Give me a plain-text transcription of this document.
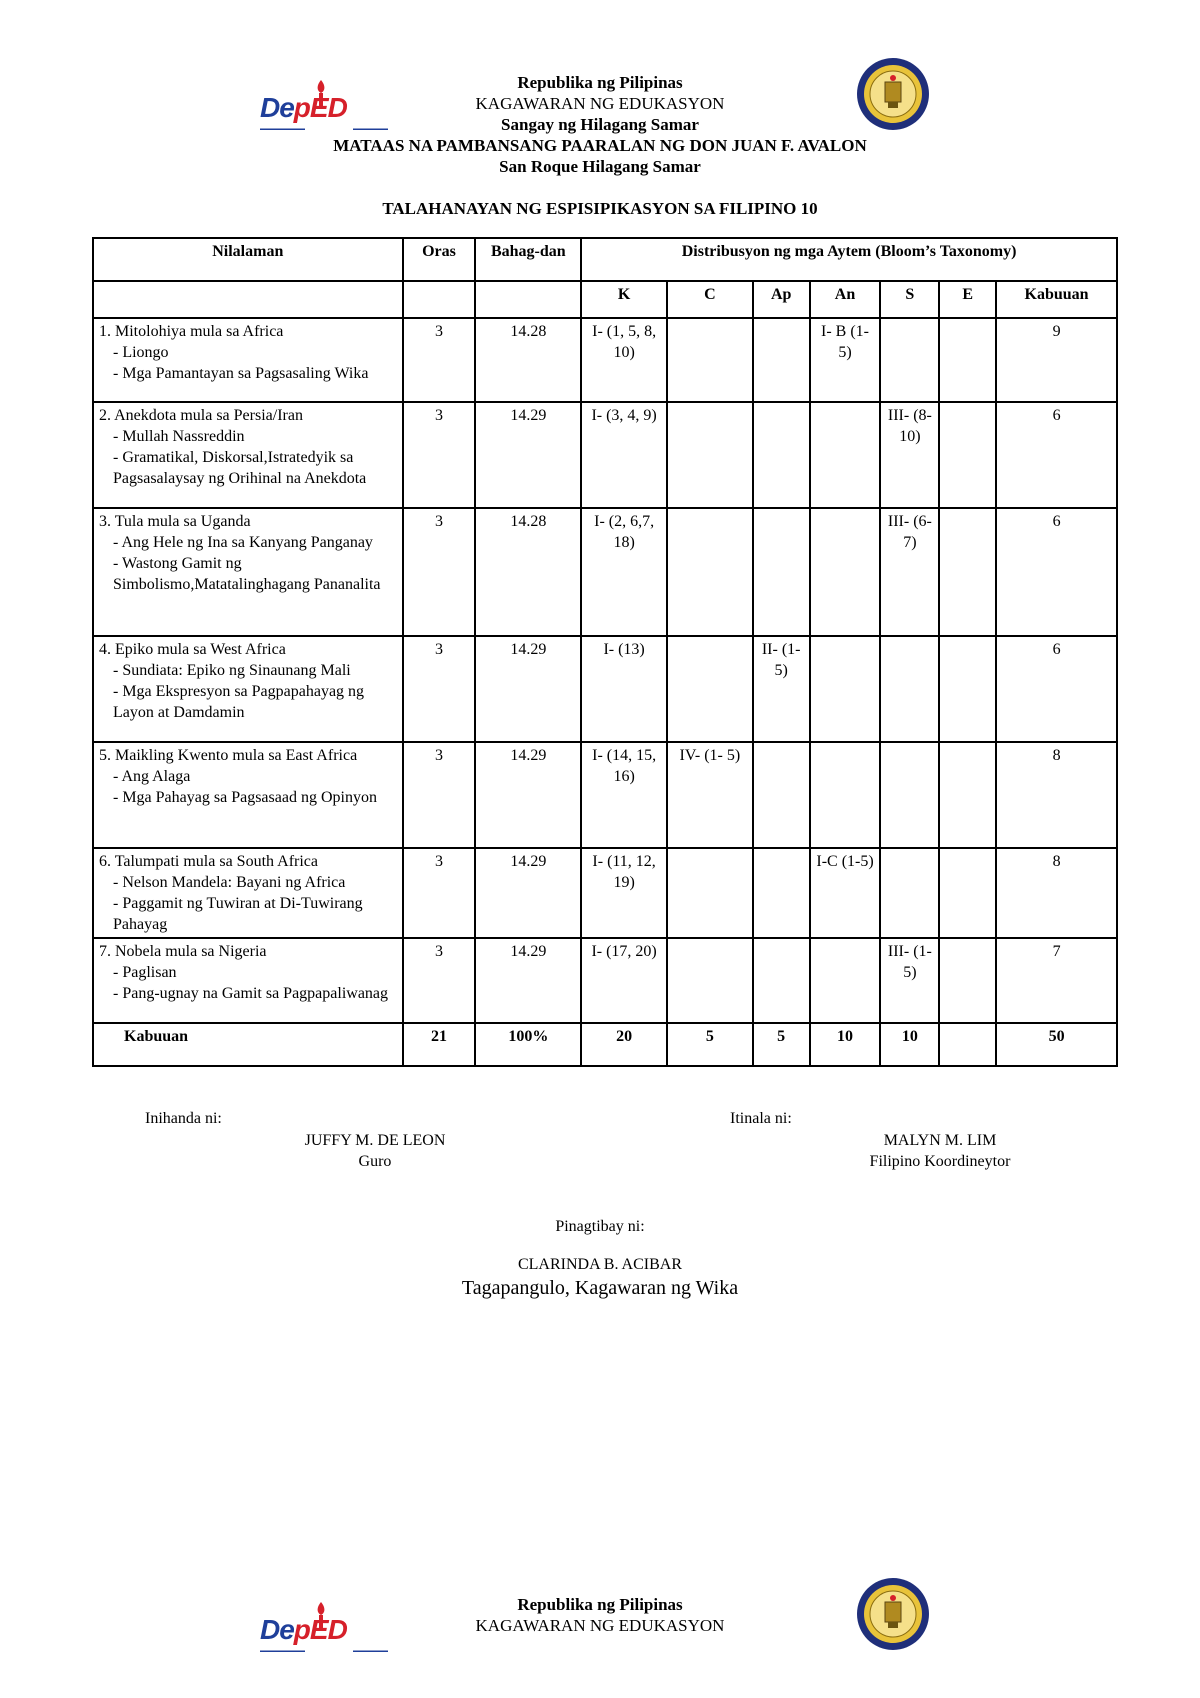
DepED
▬▬▬▬▬▬▬▬▬	▬▬▬▬▬▬▬
Republika ng Pilipinas
KAGAWARAN NG EDUKASYON
Sangay ng Hilagang Samar
MATAAS NA PAMBANSANG PAARALAN NG DON JUAN F. AVALON
San Roque Hilagang Samar
TALAHANAYAN NG ESPISIPIKASYON SA FILIPINO 10
Nilalaman	Oras	Bahag-dan	Distribusyon ng mga Aytem (Bloom’s Taxonomy)						
			K	C	Ap	An	S	E	Kabuuan
1. Mitolohiya mula sa Africa
- Liongo
- Mga Pamantayan sa Pagsasaling Wika	3	14.28	I- (1, 5, 8, 10)			I- B (1-5)			9
2. Anekdota mula sa Persia/Iran
- Mullah Nassreddin
- Gramatikal, Diskorsal,Istratedyik sa Pagsasalaysay ng Orihinal na Anekdota	3	14.29	I- (3, 4, 9)				III- (8- 10)		6
3. Tula mula sa Uganda
- Ang Hele ng Ina sa Kanyang Panganay
- Wastong Gamit ng Simbolismo,Matatalinghagang Pananalita	3	14.28	I- (2, 6,7, 18)				III- (6- 7)		6
4. Epiko mula sa West Africa
- Sundiata: Epiko ng Sinaunang Mali
- Mga Ekspresyon sa Pagpapahayag ng Layon at Damdamin	3	14.29	I- (13)		II- (1- 5)				6
5. Maikling Kwento mula sa East Africa
- Ang Alaga
- Mga Pahayag sa Pagsasaad ng Opinyon	3	14.29	I- (14, 15, 16)	IV- (1- 5)					8
6. Talumpati mula sa South Africa
- Nelson Mandela: Bayani ng Africa
- Paggamit ng Tuwiran at Di-Tuwirang Pahayag	3	14.29	I- (11, 12, 19)			I-C (1-5)			8
7. Nobela mula sa Nigeria
- Paglisan
- Pang-ugnay na Gamit sa Pagpapaliwanag	3	14.29	I- (17, 20)				III- (1- 5)		7
Kabuuan	21	100%	20	5	5	10	10		50
Inihanda ni:
JUFFY M. DE LEON
Guro
Itinala ni:
MALYN M. LIM
Filipino Koordineytor
Pinagtibay ni:
CLARINDA B. ACIBAR
Tagapangulo, Kagawaran ng Wika
DepED
▬▬▬▬▬▬▬▬▬	▬▬▬▬▬▬▬
Republika ng Pilipinas
KAGAWARAN NG EDUKASYON
